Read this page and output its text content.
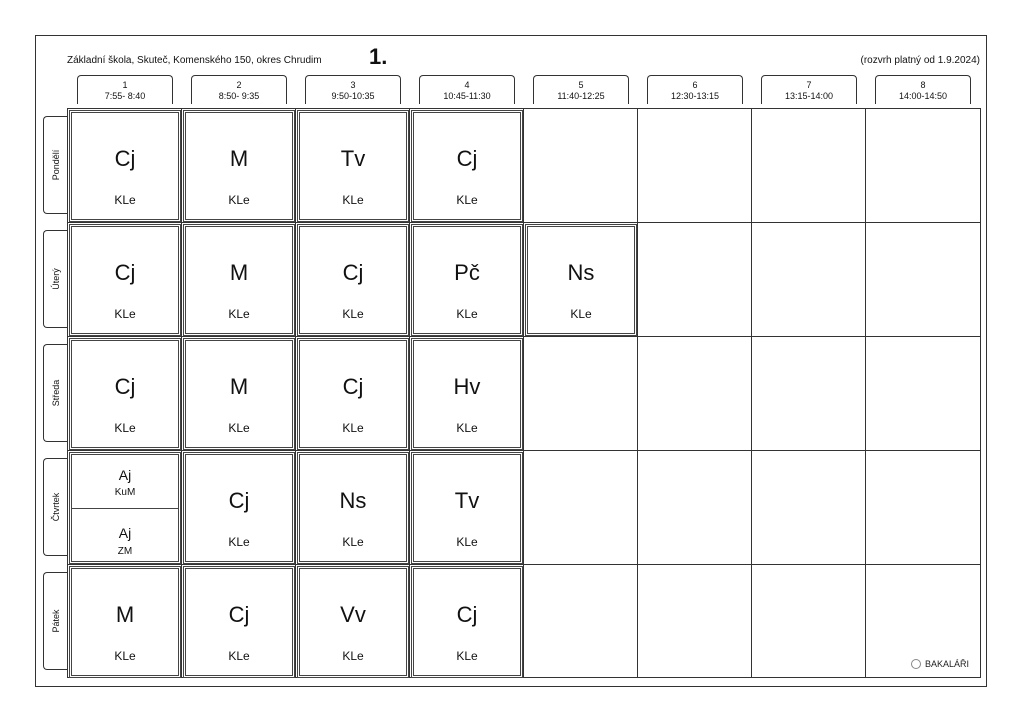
Základní škola, Skuteč, Komenského 150, okres Chrudim 1.	(rozvrh platný od 1.9.2024)
1
7:55- 8:40
2
8:50- 9:35
3
9:50-10:35
4
10:45-11:30
5
11:40-12:25
6
12:30-13:15
7
13:15-14:00
8
14:00-14:50
Pondělí
Úterý
Středa
Čtvrtek
Pátek
Cj
KLe
M
KLe
Tv
KLe
Cj
KLe
Cj
KLe
M
KLe
Cj
KLe
Pč
KLe
Ns
KLe
Cj
KLe
M
KLe
Cj
KLe
Hv
KLe
Aj
KuM
Aj
ZM
Cj
KLe
Ns
KLe
Tv
KLe
M
KLe
Cj
KLe
Vv
KLe
Cj
KLe
BAKALÁŘI
